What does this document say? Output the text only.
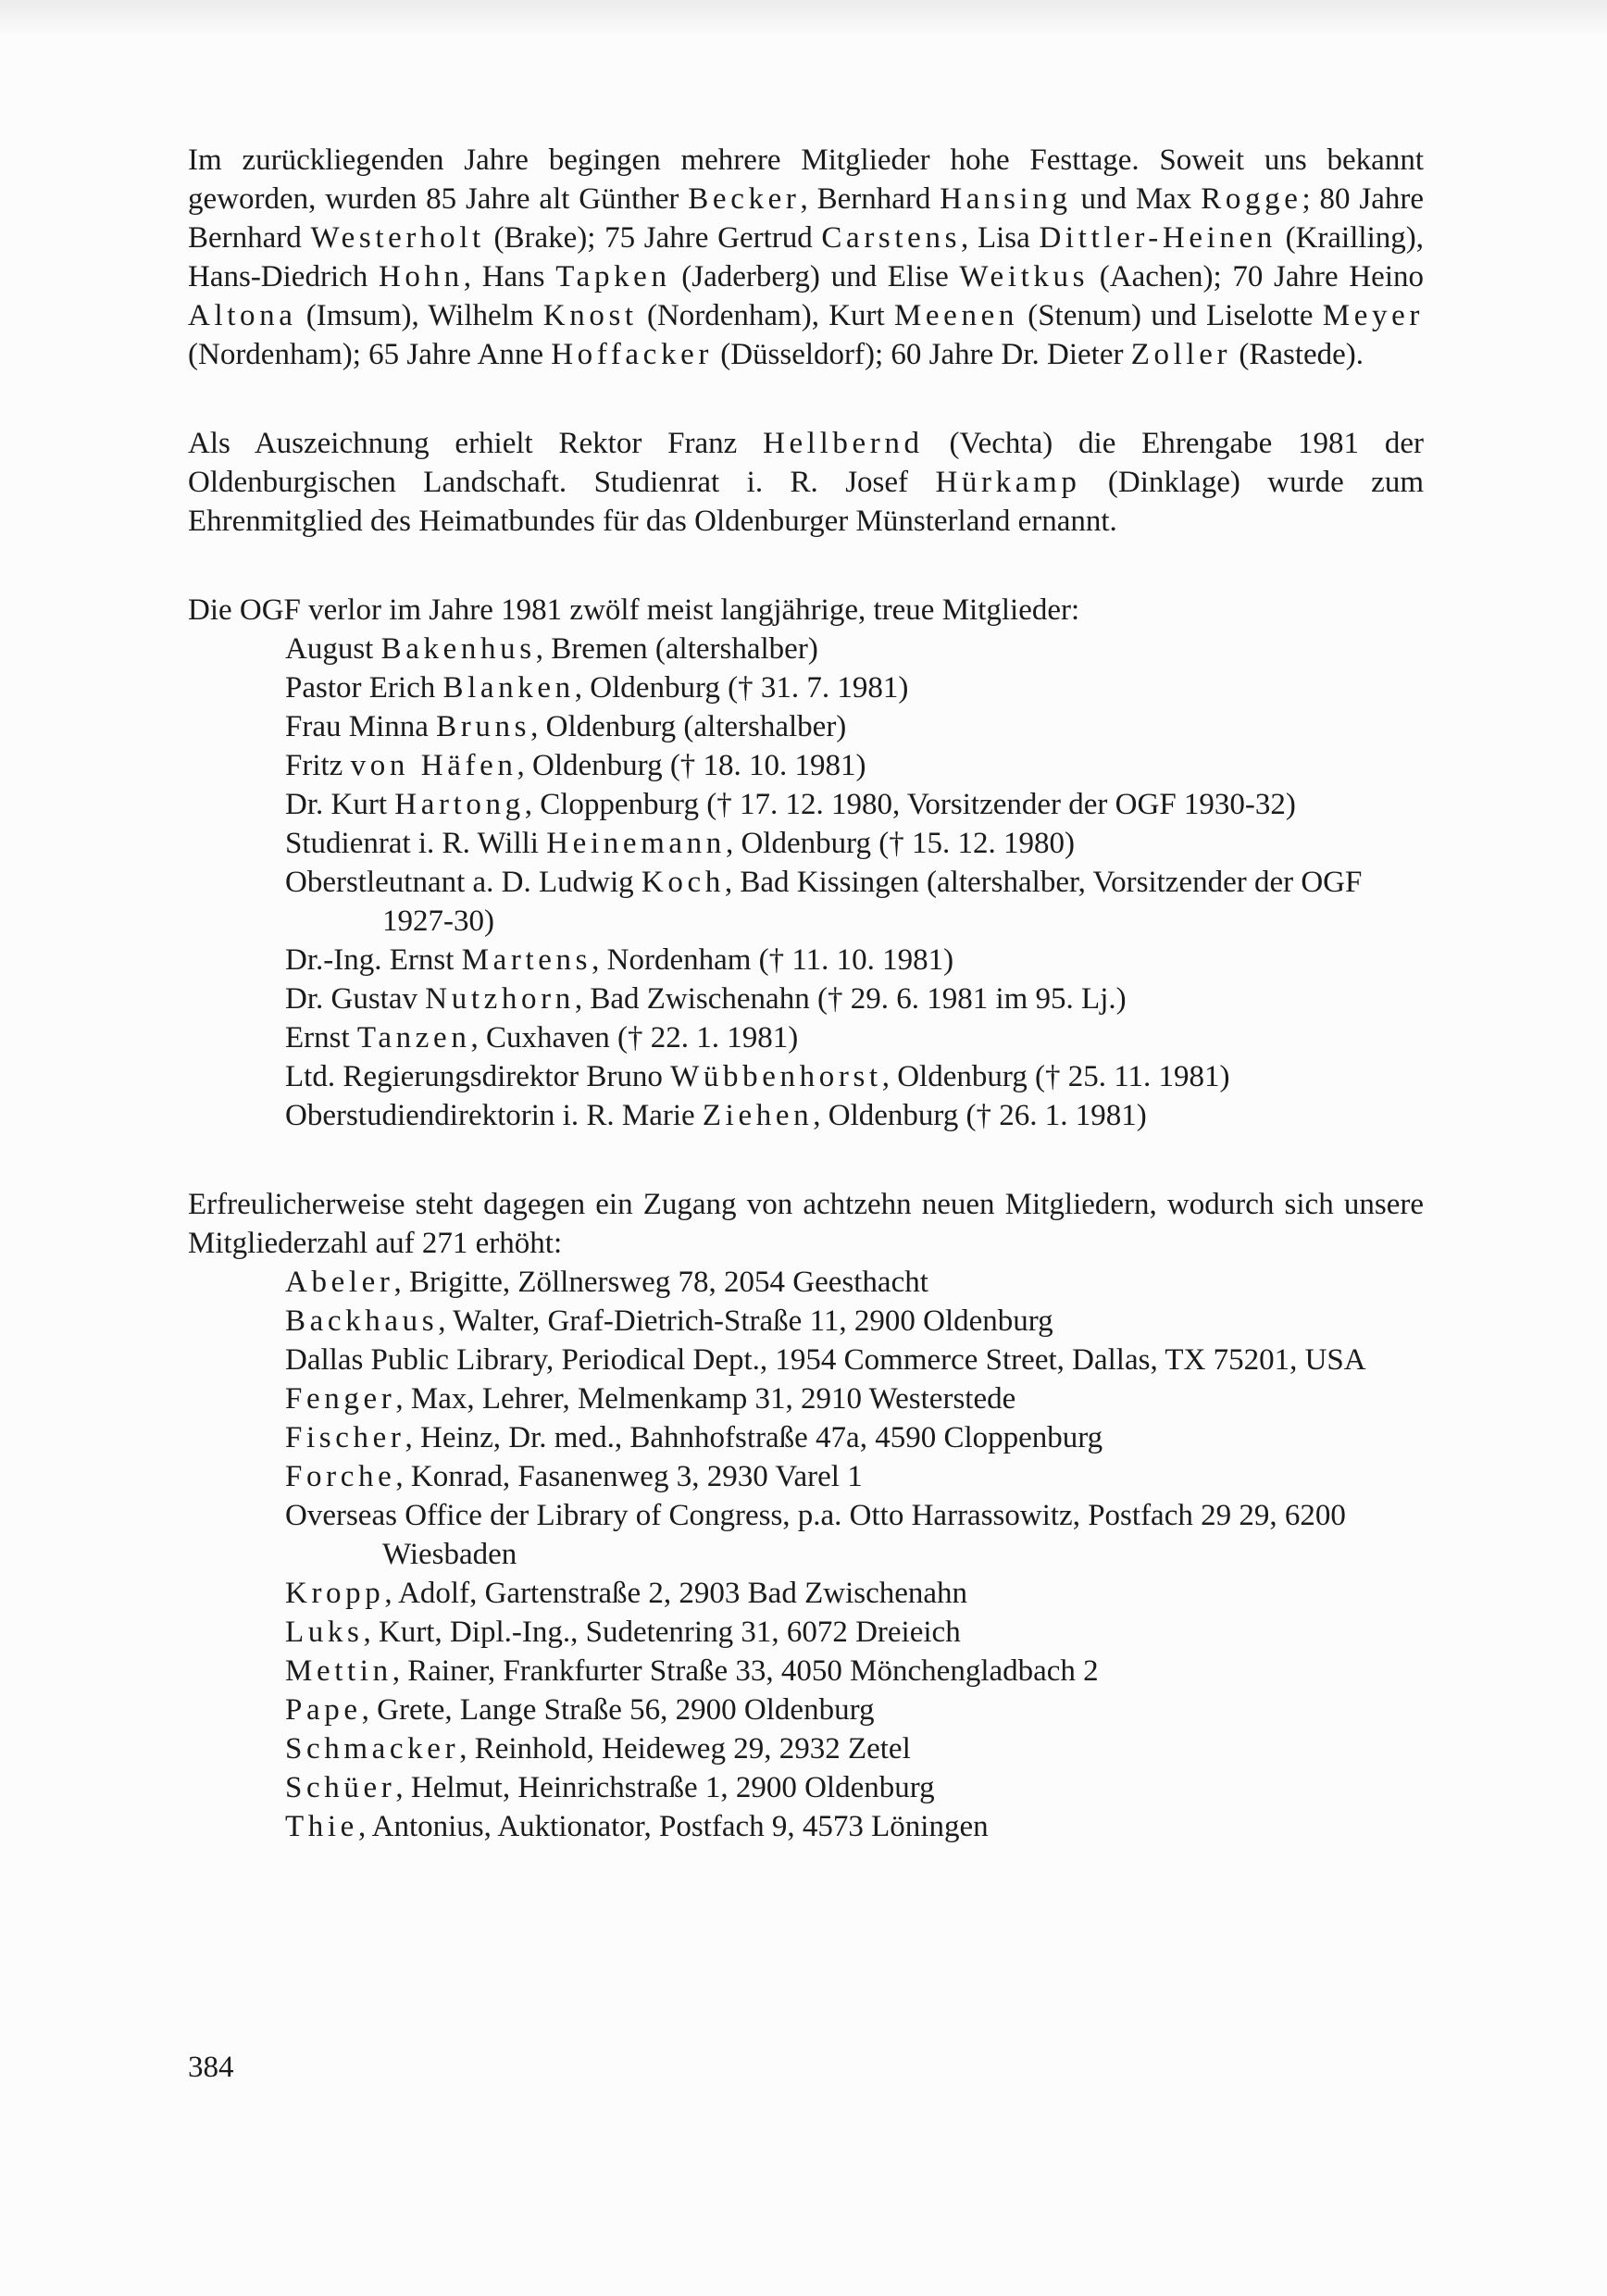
Im zurückliegenden Jahre begingen mehrere Mitglieder hohe Festtage. Soweit uns bekannt geworden, wurden 85 Jahre alt Günther Becker, Bernhard Hansing und Max Rogge; 80 Jahre Bernhard Westerholt (Brake); 75 Jahre Gertrud Carstens, Lisa Dittler-Heinen (Krailling), Hans-Diedrich Hohn, Hans Tapken (Jaderberg) und Elise Weitkus (Aachen); 70 Jahre Heino Altona (Imsum), Wilhelm Knost (Nordenham), Kurt Meenen (Stenum) und Liselotte Meyer (Nordenham); 65 Jahre Anne Hoffacker (Düsseldorf); 60 Jahre Dr. Dieter Zoller (Rastede).

Als Auszeichnung erhielt Rektor Franz Hellbernd (Vechta) die Ehrengabe 1981 der Oldenburgischen Landschaft. Studienrat i. R. Josef Hürkamp (Dinklage) wurde zum Ehrenmitglied des Heimatbundes für das Oldenburger Münsterland ernannt.

Die OGF verlor im Jahre 1981 zwölf meist langjährige, treue Mitglieder:

August Bakenhus, Bremen (altershalber)
Pastor Erich Blanken, Oldenburg († 31. 7. 1981)
Frau Minna Bruns, Oldenburg (altershalber)
Fritz von Häfen, Oldenburg († 18. 10. 1981)
Dr. Kurt Hartong, Cloppenburg († 17. 12. 1980, Vorsitzender der OGF 1930-32)
Studienrat i. R. Willi Heinemann, Oldenburg († 15. 12. 1980)
Oberstleutnant a. D. Ludwig Koch, Bad Kissingen (altershalber, Vorsitzender der OGF 1927-30)
Dr.-Ing. Ernst Martens, Nordenham († 11. 10. 1981)
Dr. Gustav Nutzhorn, Bad Zwischenahn († 29. 6. 1981 im 95. Lj.)
Ernst Tanzen, Cuxhaven († 22. 1. 1981)
Ltd. Regierungsdirektor Bruno Wübbenhorst, Oldenburg († 25. 11. 1981)
Oberstudiendirektorin i. R. Marie Ziehen, Oldenburg († 26. 1. 1981)

Erfreulicherweise steht dagegen ein Zugang von achtzehn neuen Mitgliedern, wodurch sich unsere Mitgliederzahl auf 271 erhöht:

Abeler, Brigitte, Zöllnersweg 78, 2054 Geesthacht
Backhaus, Walter, Graf-Dietrich-Straße 11, 2900 Oldenburg
Dallas Public Library, Periodical Dept., 1954 Commerce Street, Dallas, TX 75201, USA
Fenger, Max, Lehrer, Melmenkamp 31, 2910 Westerstede
Fischer, Heinz, Dr. med., Bahnhofstraße 47a, 4590 Cloppenburg
Forche, Konrad, Fasanenweg 3, 2930 Varel 1
Overseas Office der Library of Congress, p.a. Otto Harrassowitz, Postfach 29 29, 6200 Wiesbaden
Kropp, Adolf, Gartenstraße 2, 2903 Bad Zwischenahn
Luks, Kurt, Dipl.-Ing., Sudetenring 31, 6072 Dreieich
Mettin, Rainer, Frankfurter Straße 33, 4050 Mönchengladbach 2
Pape, Grete, Lange Straße 56, 2900 Oldenburg
Schmacker, Reinhold, Heideweg 29, 2932 Zetel
Schüer, Helmut, Heinrichstraße 1, 2900 Oldenburg
Thie, Antonius, Auktionator, Postfach 9, 4573 Löningen
384
